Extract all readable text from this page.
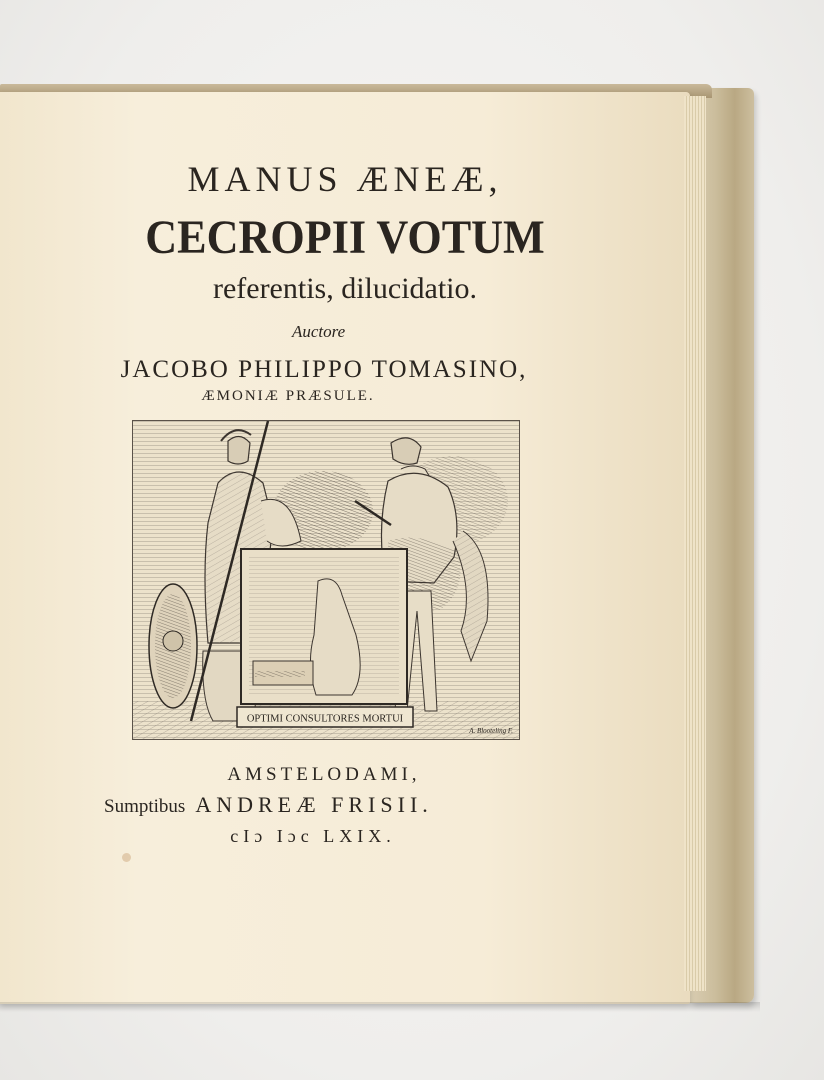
MANUS ÆNEÆ,
CECROPII VOTUM
referentis, dilucidatio.
Auctore
JACOBO PHILIPPO TOMASINO,
ÆMONIÆ PRÆSULE.
OPTIMI CONSULTORES MORTUI
A. Blooteling F.
AMSTELODAMI,
Sumptibus ANDREÆ FRISII.
cIɔ Iɔc LXIX.
